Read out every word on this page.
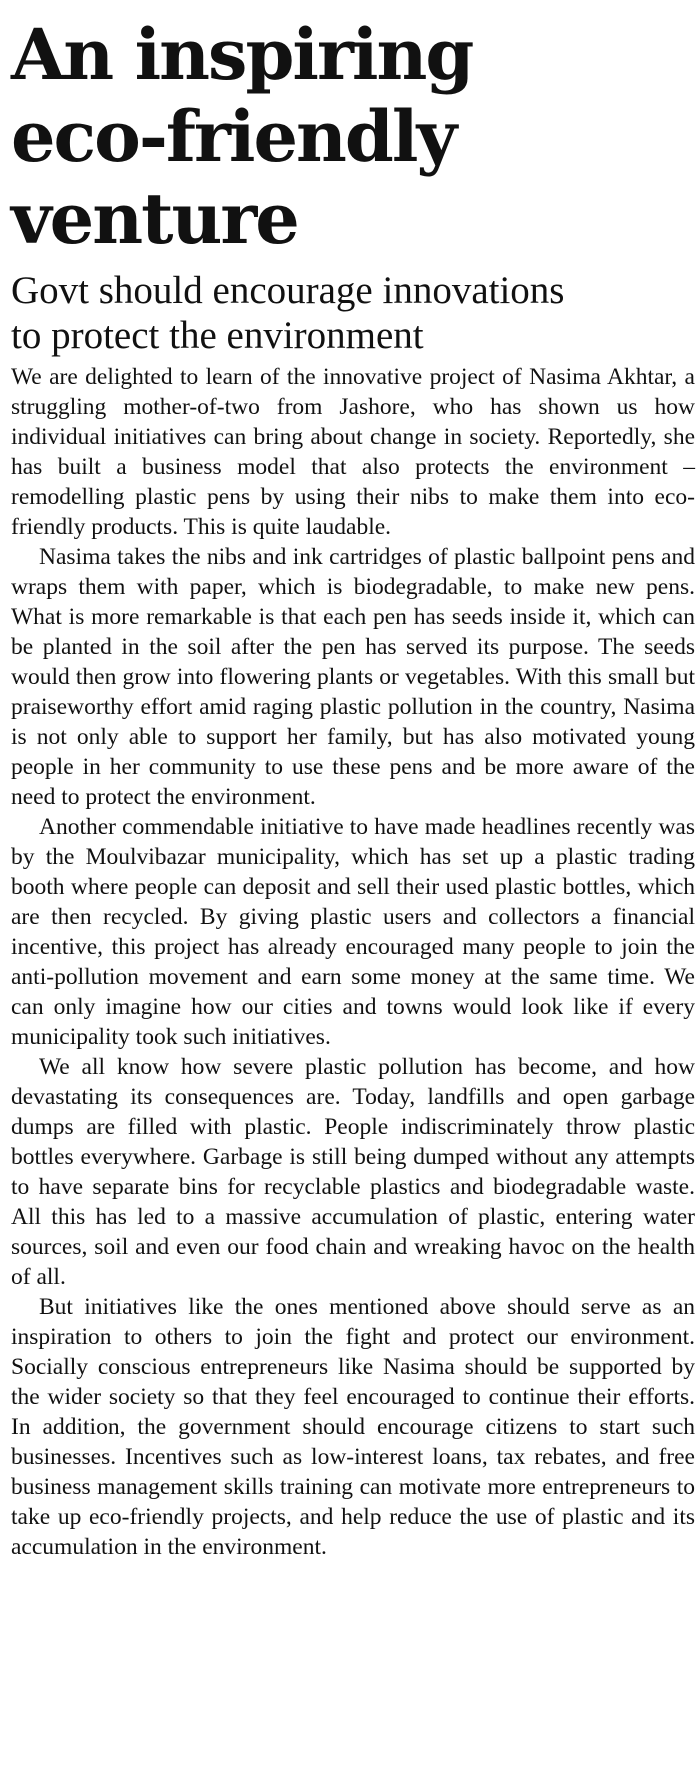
An inspiring eco-friendly venture
Govt should encourage innovations to protect the environment

We are delighted to learn of the innovative project of Nasima Akhtar, a struggling mother-of-two from Jashore, who has shown us how individual initiatives can bring about change in society. Reportedly, she has built a business model that also protects the environment – remodelling plastic pens by using their nibs to make them into eco-friendly products. This is quite laudable.

Nasima takes the nibs and ink cartridges of plastic ballpoint pens and wraps them with paper, which is biodegradable, to make new pens. What is more remarkable is that each pen has seeds inside it, which can be planted in the soil after the pen has served its purpose. The seeds would then grow into flowering plants or vegetables. With this small but praiseworthy effort amid raging plastic pollution in the country, Nasima is not only able to support her family, but has also motivated young people in her community to use these pens and be more aware of the need to protect the environment.

Another commendable initiative to have made headlines recently was by the Moulvibazar municipality, which has set up a plastic trading booth where people can deposit and sell their used plastic bottles, which are then recycled. By giving plastic users and collectors a financial incentive, this project has already encouraged many people to join the anti-pollution movement and earn some money at the same time. We can only imagine how our cities and towns would look like if every municipality took such initiatives.

We all know how severe plastic pollution has become, and how devastating its consequences are. Today, landfills and open garbage dumps are filled with plastic. People indiscriminately throw plastic bottles everywhere. Garbage is still being dumped without any attempts to have separate bins for recyclable plastics and biodegradable waste. All this has led to a massive accumulation of plastic, entering water sources, soil and even our food chain and wreaking havoc on the health of all.

But initiatives like the ones mentioned above should serve as an inspiration to others to join the fight and protect our environment. Socially conscious entrepreneurs like Nasima should be supported by the wider society so that they feel encouraged to continue their efforts. In addition, the government should encourage citizens to start such businesses. Incentives such as low-interest loans, tax rebates, and free business management skills training can motivate more entrepreneurs to take up eco-friendly projects, and help reduce the use of plastic and its accumulation in the environment.
